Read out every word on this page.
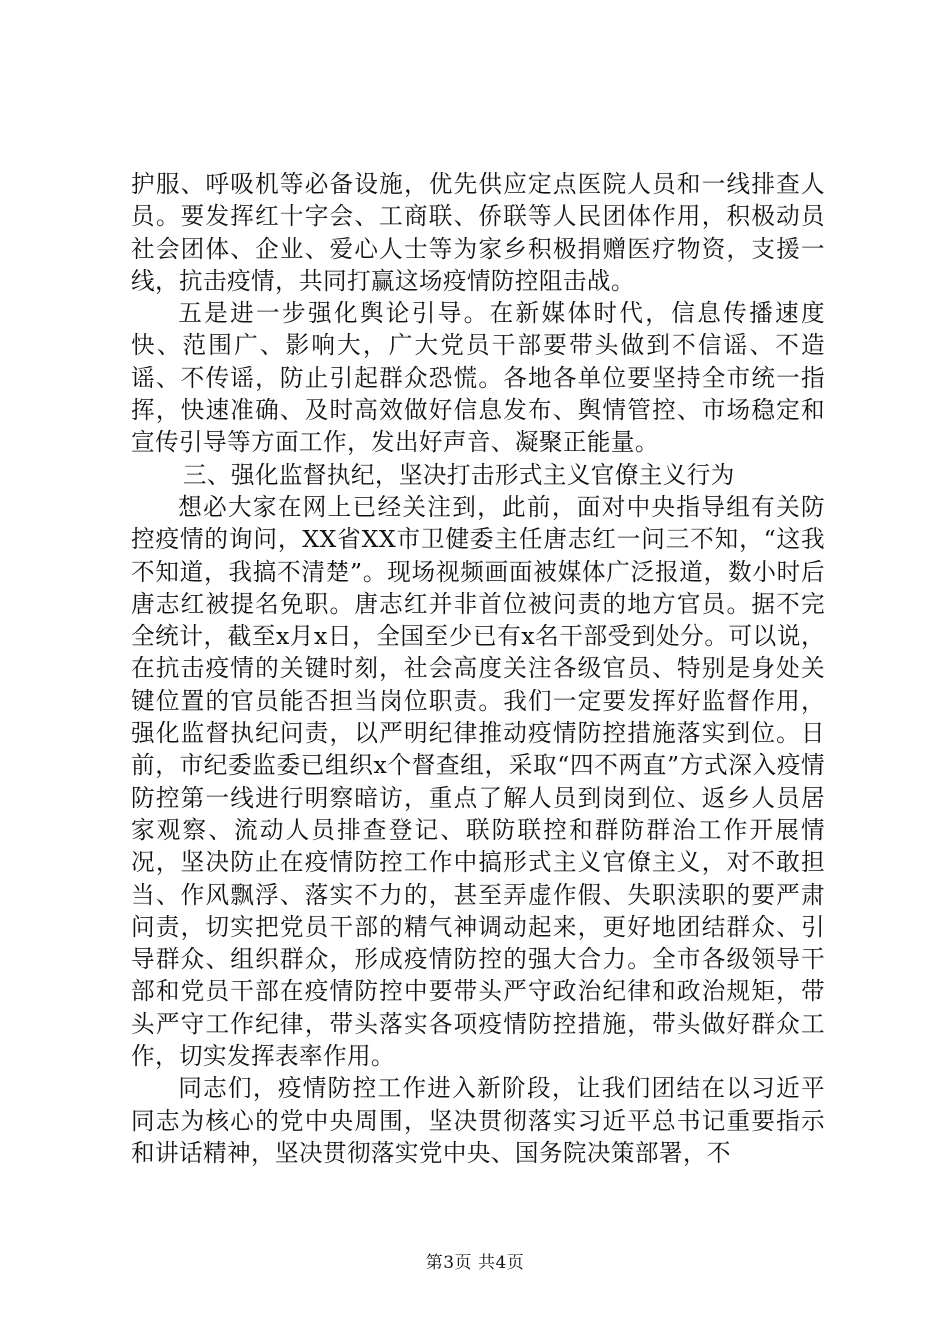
护服、呼吸机等必备设施，优先供应定点医院人员和一线排查人员。要发挥红十字会、工商联、侨联等人民团体作用，积极动员社会团体、企业、爱心人士等为家乡积极捐赠医疗物资，支援一线，抗击疫情，共同打赢这场疫情防控阻击战。

五是进一步强化舆论引导。在新媒体时代，信息传播速度快、范围广、影响大，广大党员干部要带头做到不信谣、不造谣、不传谣，防止引起群众恐慌。各地各单位要坚持全市统一指挥，快速准确、及时高效做好信息发布、舆情管控、市场稳定和宣传引导等方面工作，发出好声音、凝聚正能量。

三、强化监督执纪，坚决打击形式主义官僚主义行为

想必大家在网上已经关注到，此前，面对中央指导组有关防控疫情的询问，XX省XX市卫健委主任唐志红一问三不知，“这我不知道，我搞不清楚”。现场视频画面被媒体广泛报道，数小时后唐志红被提名免职。唐志红并非首位被问责的地方官员。据不完全统计，截至x月x日，全国至少已有x名干部受到处分。可以说，在抗击疫情的关键时刻，社会高度关注各级官员、特别是身处关键位置的官员能否担当岗位职责。我们一定要发挥好监督作用，强化监督执纪问责，以严明纪律推动疫情防控措施落实到位。日前，市纪委监委已组织x个督查组，采取“四不两直”方式深入疫情防控第一线进行明察暗访，重点了解人员到岗到位、返乡人员居家观察、流动人员排查登记、联防联控和群防群治工作开展情况，坚决防止在疫情防控工作中搞形式主义官僚主义，对不敢担当、作风飘浮、落实不力的，甚至弄虚作假、失职渎职的要严肃问责，切实把党员干部的精气神调动起来，更好地团结群众、引导群众、组织群众，形成疫情防控的强大合力。全市各级领导干部和党员干部在疫情防控中要带头严守政治纪律和政治规矩，带头严守工作纪律，带头落实各项疫情防控措施，带头做好群众工作，切实发挥表率作用。

同志们，疫情防控工作进入新阶段，让我们团结在以习近平同志为核心的党中央周围，坚决贯彻落实习近平总书记重要指示和讲话精神，坚决贯彻落实党中央、国务院决策部署，不

第3页 共4页
